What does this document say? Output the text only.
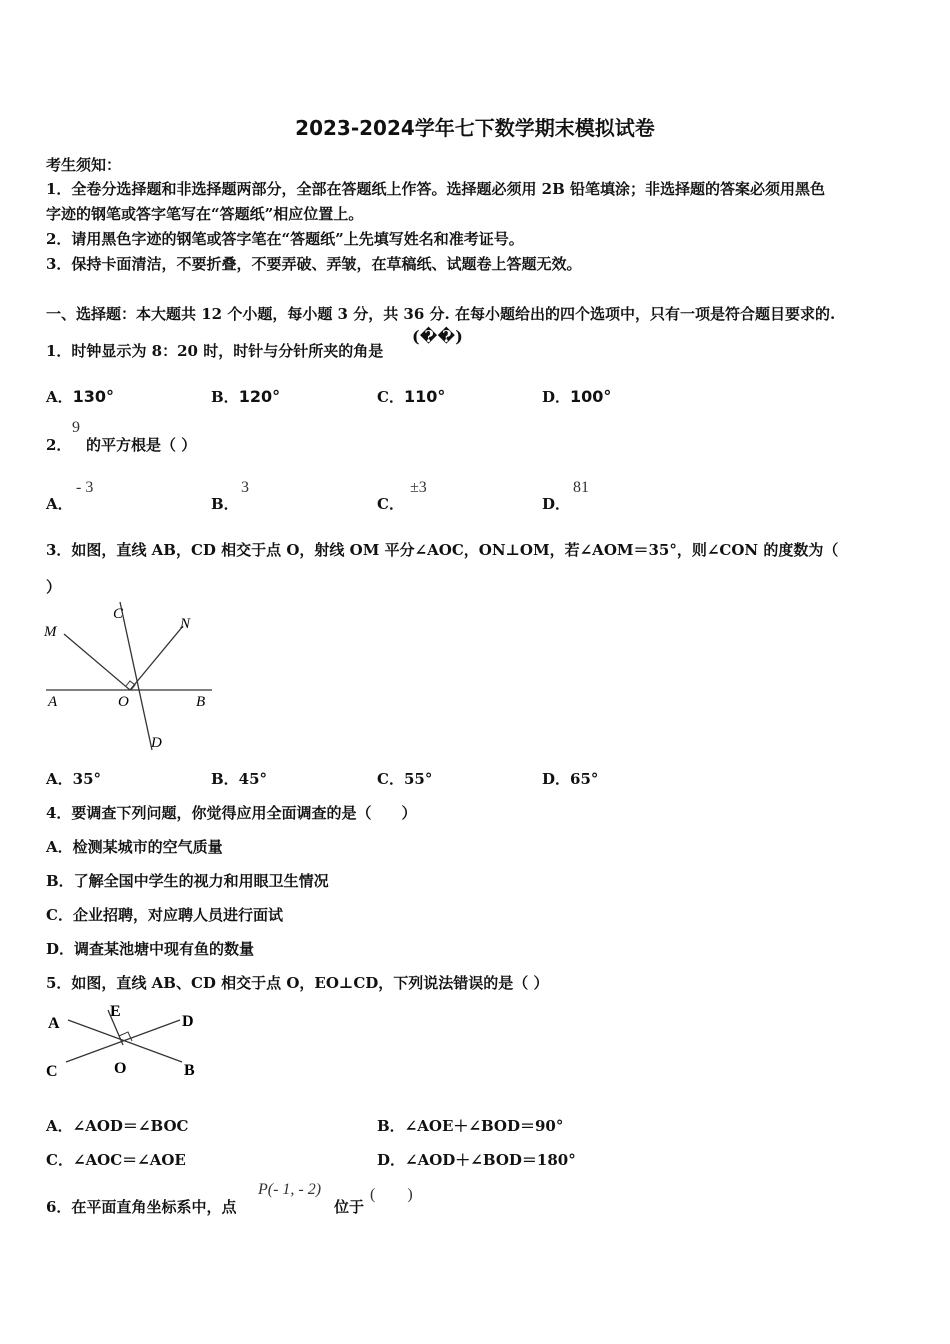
2023-2024学年七下数学期末模拟试卷
考生须知：
1．全卷分选择题和非选择题两部分，全部在答题纸上作答。选择题必须用 2B 铅笔填涂；非选择题的答案必须用黑色
字迹的钢笔或答字笔写在“答题纸”相应位置上。
2．请用黑色字迹的钢笔或答字笔在“答题纸”上先填写姓名和准考证号。
3．保持卡面清洁，不要折叠，不要弄破、弄皱，在草稿纸、试题卷上答题无效。
一、选择题：本大题共 12 个小题，每小题 3 分，共 36 分. 在每小题给出的四个选项中，只有一项是符合题目要求的.
1．时钟显示为 8：20 时，时针与分针所夹的角是
(��)
A．130°	B．120°	C．110°	D．100°
2．
9
的平方根是（ ）
A．
- 3
B．
3
C．
±3
D．
81
3．如图，直线 AB，CD 相交于点 O，射线 OM 平分∠AOC，ON⊥OM，若∠AOM＝35°，则∠CON 的度数为（
）
M
C
N
A	O	B
D
A．35°	B．45°	C．55°	D．65°
4．要调查下列问题，你觉得应用全面调查的是（　　）
A．检测某城市的空气质量
B．了解全国中学生的视力和用眼卫生情况
C．企业招聘，对应聘人员进行面试
D．调查某池塘中现有鱼的数量
5．如图，直线 AB、CD 相交于点 O，EO⊥CD，下列说法错误的是（ ）
A
E
D
C	O	B
A．∠AOD＝∠BOC	B．∠AOE＋∠BOD＝90°
C．∠AOC＝∠AOE	D．∠AOD＋∠BOD＝180°
6．在平面直角坐标系中，点
P(- 1, - 2)
位于
(　　)
